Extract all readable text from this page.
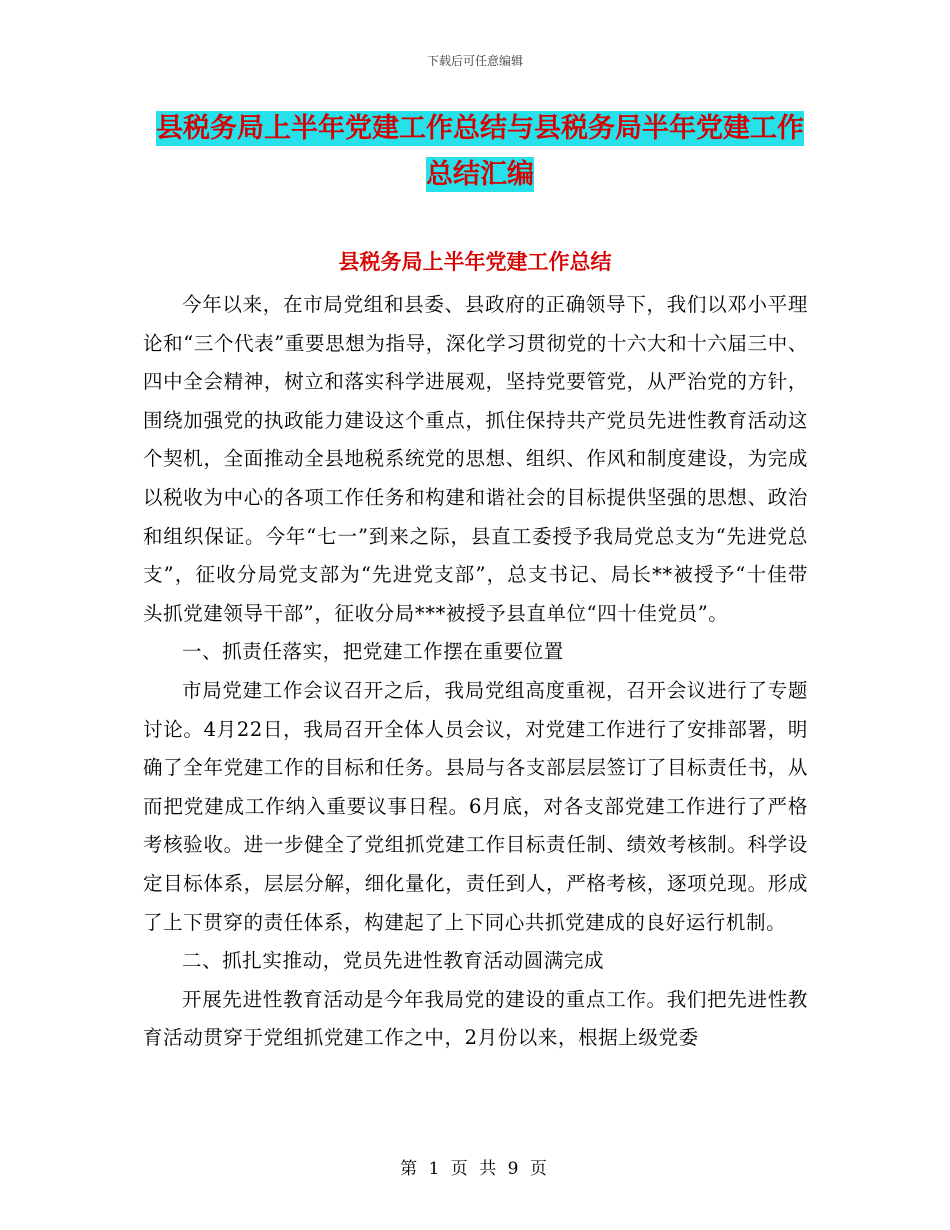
下载后可任意编辑
县税务局上半年党建工作总结与县税务局半年党建工作总结汇编
县税务局上半年党建工作总结

今年以来，在市局党组和县委、县政府的正确领导下，我们以邓小平理论和“三个代表”重要思想为指导，深化学习贯彻党的十六大和十六届三中、四中全会精神，树立和落实科学进展观，坚持党要管党，从严治党的方针，围绕加强党的执政能力建设这个重点，抓住保持共产党员先进性教育活动这个契机，全面推动全县地税系统党的思想、组织、作风和制度建设，为完成以税收为中心的各项工作任务和构建和谐社会的目标提供坚强的思想、政治和组织保证。今年“七一”到来之际，县直工委授予我局党总支为“先进党总支”，征收分局党支部为“先进党支部”，总支书记、局长**被授予“十佳带头抓党建领导干部”，征收分局***被授予县直单位“四十佳党员”。

一、抓责任落实，把党建工作摆在重要位置

市局党建工作会议召开之后，我局党组高度重视，召开会议进行了专题讨论。4月22日，我局召开全体人员会议，对党建工作进行了安排部署，明确了全年党建工作的目标和任务。县局与各支部层层签订了目标责任书，从而把党建成工作纳入重要议事日程。6月底，对各支部党建工作进行了严格考核验收。进一步健全了党组抓党建工作目标责任制、绩效考核制。科学设定目标体系，层层分解，细化量化，责任到人，严格考核，逐项兑现。形成了上下贯穿的责任体系，构建起了上下同心共抓党建成的良好运行机制。

二、抓扎实推动，党员先进性教育活动圆满完成

开展先进性教育活动是今年我局党的建设的重点工作。我们把先进性教育活动贯穿于党组抓党建工作之中，2月份以来，根据上级党委

第 1 页 共 9 页
